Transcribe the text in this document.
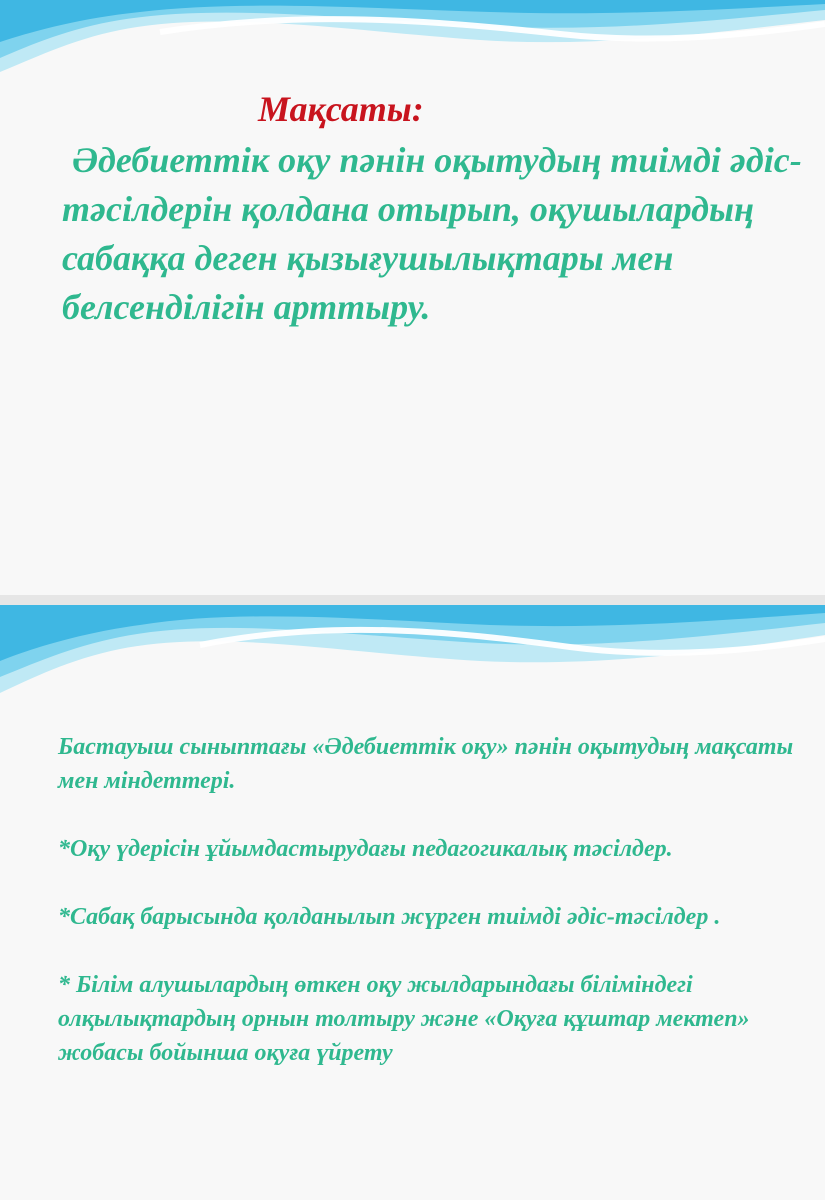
Мақсаты:

Әдебиеттік оқу пәнін оқытудың тиімді әдіс-тәсілдерін қолдана отырып, оқушылардың сабаққа деген қызығушылықтары мен белсенділігін арттыру.

Бастауыш сыныптағы «Әдебиеттік оқу» пәнін оқытудың мақсаты мен міндеттері.

*Оқу үдерісін ұйымдастырудағы педагогикалық тәсілдер.

*Сабақ барысында қолданылып жүрген тиімді әдіс-тәсілдер .

* Білім алушылардың өткен оқу жылдарындағы біліміндегі олқылықтардың орнын толтыру және «Оқуға құштар мектеп» жобасы бойынша оқуға үйрету
